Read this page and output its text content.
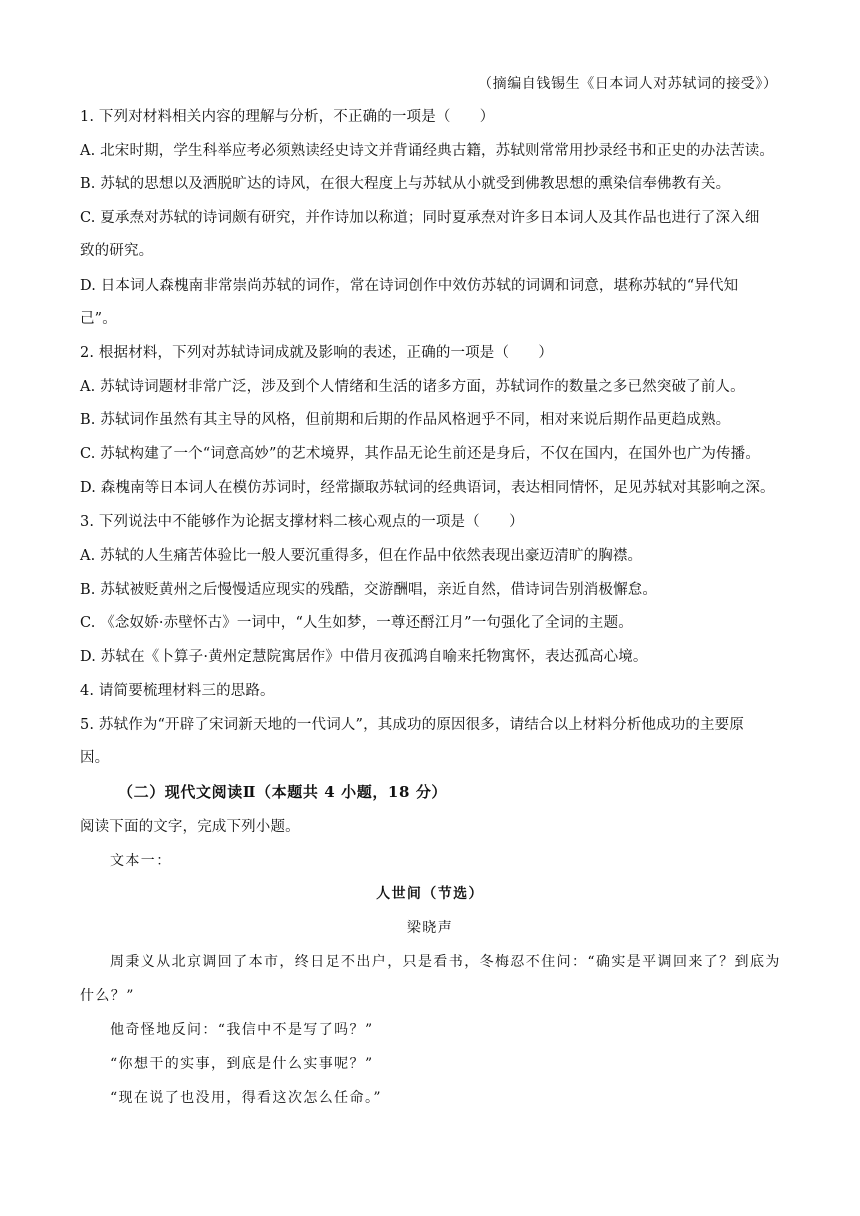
（摘编自钱锡生《日本词人对苏轼词的接受》）
1. 下列对材料相关内容的理解与分析，不正确的一项是（　　）
A. 北宋时期，学生科举应考必须熟读经史诗文并背诵经典古籍，苏轼则常常用抄录经书和正史的办法苦读。
B. 苏轼的思想以及洒脱旷达的诗风，在很大程度上与苏轼从小就受到佛教思想的熏染信奉佛教有关。
C. 夏承焘对苏轼的诗词颇有研究，并作诗加以称道；同时夏承焘对许多日本词人及其作品也进行了深入细
致的研究。
D. 日本词人森槐南非常崇尚苏轼的词作，常在诗词创作中效仿苏轼的词调和词意，堪称苏轼的“异代知
己”。
2. 根据材料，下列对苏轼诗词成就及影响的表述，正确的一项是（　　）
A. 苏轼诗词题材非常广泛，涉及到个人情绪和生活的诸多方面，苏轼词作的数量之多已然突破了前人。
B. 苏轼词作虽然有其主导的风格，但前期和后期的作品风格迥乎不同，相对来说后期作品更趋成熟。
C. 苏轼构建了一个“词意高妙”的艺术境界，其作品无论生前还是身后，不仅在国内，在国外也广为传播。
D. 森槐南等日本词人在模仿苏词时，经常撷取苏轼词的经典语词，表达相同情怀，足见苏轼对其影响之深。
3. 下列说法中不能够作为论据支撑材料二核心观点的一项是（　　）
A. 苏轼的人生痛苦体验比一般人要沉重得多，但在作品中依然表现出豪迈清旷的胸襟。
B. 苏轼被贬黄州之后慢慢适应现实的残酷，交游酬唱，亲近自然，借诗词告别消极懈怠。
C. 《念奴娇·赤壁怀古》一词中，“人生如梦，一尊还酹江月”一句强化了全词的主题。
D. 苏轼在《卜算子·黄州定慧院寓居作》中借月夜孤鸿自喻来托物寓怀，表达孤高心境。
4. 请简要梳理材料三的思路。
5. 苏轼作为“开辟了宋词新天地的一代词人”，其成功的原因很多，请结合以上材料分析他成功的主要原
因。
（二）现代文阅读Ⅱ（本题共 4 小题，18 分）
阅读下面的文字，完成下列小题。
文本一：
人世间（节选）
梁晓声
周秉义从北京调回了本市，终日足不出户，只是看书，冬梅忍不住问：“确实是平调回来了？到底为
什么？”
他奇怪地反问：“我信中不是写了吗？”
“你想干的实事，到底是什么实事呢？”
“现在说了也没用，得看这次怎么任命。”
